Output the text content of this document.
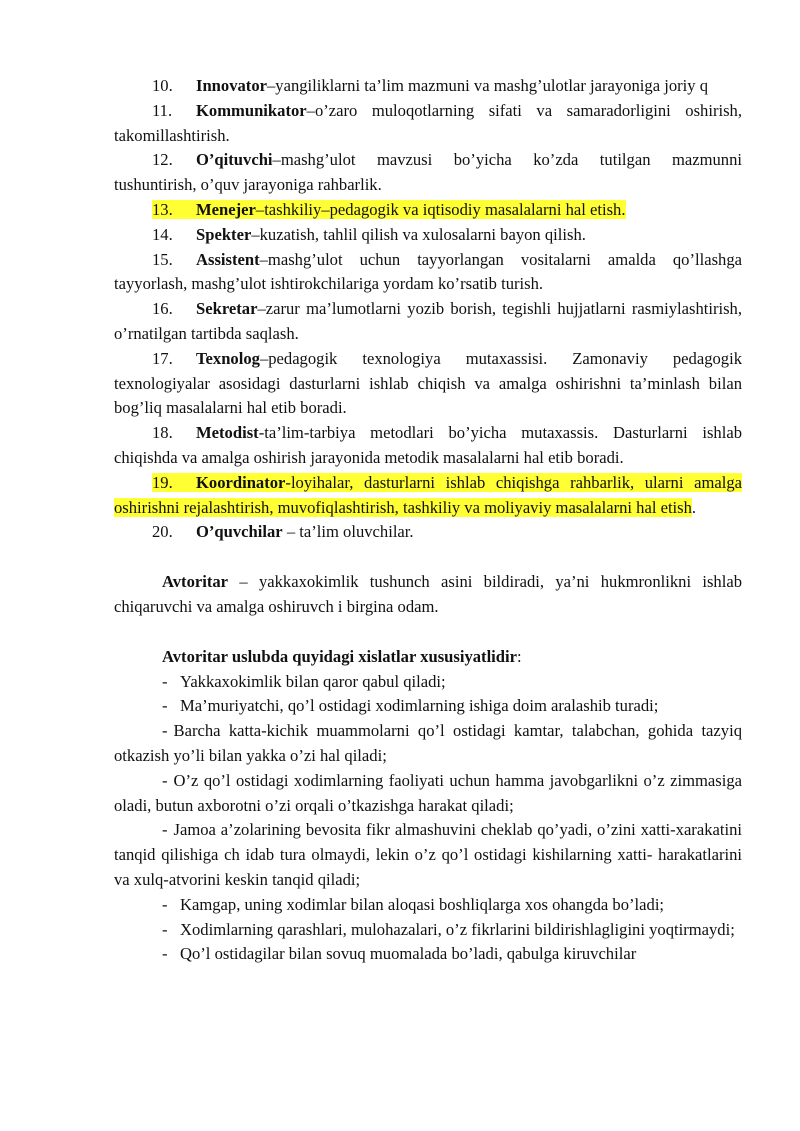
10. Innovator–yangiliklarni ta’lim mazmuni va mashg’ulotlar jarayoniga joriy q
11. Kommunikator–o’zaro muloqotlarning sifati va samaradorligini oshirish, takomillashtirish.
12. O’qituvchi–mashg’ulot mavzusi bo’yicha ko’zda tutilgan mazmunni tushuntirish, o’quv jarayoniga rahbarlik.
13. Menejer–tashkiliy–pedagogik va iqtisodiy masalalarni hal etish.
14. Spekter–kuzatish, tahlil qilish va xulosalarni bayon qilish.
15. Assistent–mashg’ulot uchun tayyorlangan vositalarni amalda qo’llashga tayyorlash, mashg’ulot ishtirokchilariga yordam ko’rsatib turish.
16. Sekretar–zarur ma’lumotlarni yozib borish, tegishli hujjatlarni rasmiylashtirish, o’rnatilgan tartibda saqlash.
17. Texnolog–pedagogik texnologiya mutaxassisi. Zamonaviy pedagogik texnologiyalar asosidagi dasturlarni ishlab chiqish va amalga oshirishni ta’minlash bilan bog’liq masalalarni hal etib boradi.
18. Metodist-ta’lim-tarbiya metodlari bo’yicha mutaxassis. Dasturlarni ishlab chiqishda va amalga oshirish jarayonida metodik masalalarni hal etib boradi.
19. Koordinator-loyihalar, dasturlarni ishlab chiqishga rahbarlik, ularni amalga oshirishni rejalashtirish, muvofiqlashtirish, tashkiliy va moliyaviy masalalarni hal etish.
20. O’quvchilar – ta’lim oluvchilar.
Avtoritar – yakkaxokimlik tushunch asini bildiradi, ya’ni hukmronlikni ishlab chiqaruvchi va amalga oshiruvch i birgina odam.
Avtoritar uslubda quyidagi xislatlar xususiyatlidir:
- Yakkaxokimlik bilan qaror qabul qiladi;
- Ma’muriyatchi, qo’l ostidagi xodimlarning ishiga doim aralashib turadi;
- Barcha katta-kichik muammolarni qo’l ostidagi kamtar, talabchan, gohida tazyiq otkazish yo’li bilan yakka o’zi hal qiladi;
- O’z qo’l ostidagi xodimlarning faoliyati uchun hamma javobgarlikni o’z zimmasiga oladi, butun axborotni o’zi orqali o’tkazishga harakat qiladi;
- Jamoa a’zolarining bevosita fikr almashuvini cheklab qo’yadi, o’zini xatti-xarakatini tanqid qilishiga ch idab tura olmaydi, lekin o’z qo’l ostidagi kishilarning xatti- harakatlarini va xulq-atvorini keskin tanqid qiladi;
- Kamgap, uning xodimlar bilan aloqasi boshliqlarga xos ohangda bo’ladi;
- Xodimlarning qarashlari, mulohazalari, o’z fikrlarini bildirishlagligini yoqtirmaydi;
- Qo’l ostidagilar bilan sovuq muomalada bo’ladi, qabulga kiruvchilar
